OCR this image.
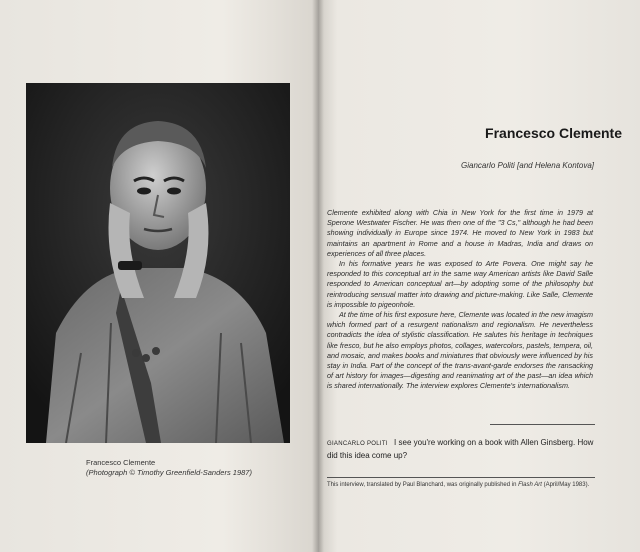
Francesco Clemente
(Photograph © Timothy Greenfield-Sanders 1987)
Francesco Clemente
Giancarlo Politi [and Helena Kontova]

Clemente exhibited along with Chia in New York for the first time in 1979 at Sperone Westwater Fischer. He was then one of the "3 Cs," although he had been showing individually in Europe since 1974. He moved to New York in 1983 but maintains an apartment in Rome and a house in Madras, India and draws on experiences of all three places.

In his formative years he was exposed to Arte Povera. One might say he responded to this conceptual art in the same way American artists like David Salle responded to American conceptual art—by adopting some of the philosophy but reintroducing sensual matter into drawing and picture-making. Like Salle, Clemente is impossible to pigeonhole.

At the time of his first exposure here, Clemente was located in the new imagism which formed part of a resurgent nationalism and regionalism. He nevertheless contradicts the idea of stylistic classification. He salutes his heritage in techniques like fresco, but he also employs photos, collages, watercolors, pastels, tempera, oil, and mosaic, and makes books and miniatures that obviously were influenced by his stay in India. Part of the concept of the trans-avant-garde endorses the ransacking of art history for images—digesting and reanimating art of the past—an idea which is shared internationally. The interview explores Clemente's internationalism.

GIANCARLO POLITI I see you're working on a book with Allen Ginsberg. How did this idea come up?
This interview, translated by Paul Blanchard, was originally published in Flash Art (April/May 1983).
